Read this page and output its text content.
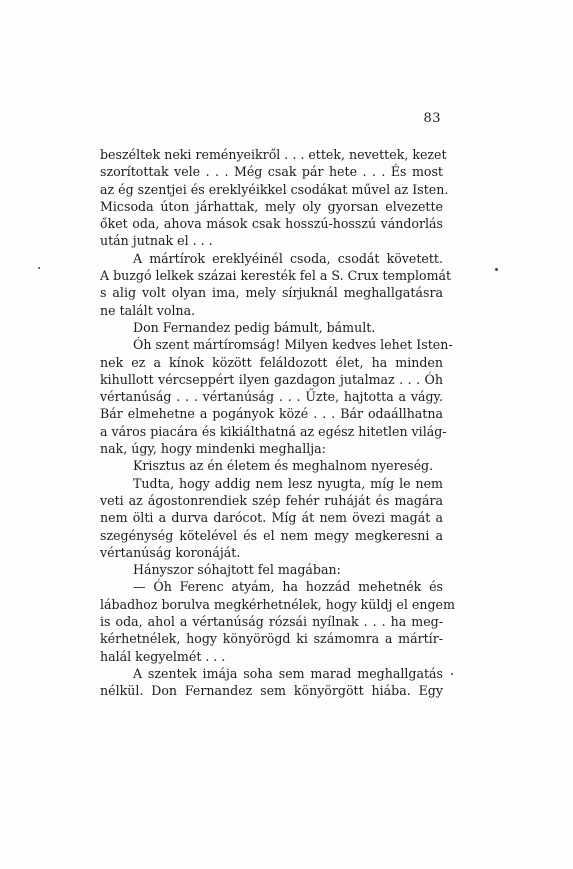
83
beszéltek neki reményeikről . . . ettek, nevettek, kezet
szorítottak vele . . . Még csak pár hete . . . És most
az ég szentjei és ereklyéikkel csodákat művel az Isten.
Micsoda úton járhattak, mely oly gyorsan elvezette
őket oda, ahova mások csak hosszú-hosszú vándorlás
után jutnak el . . .
A mártírok ereklyéinél csoda, csodát követett.
A buzgó lelkek százai keresték fel a S. Crux templomát
s alig volt olyan ima, mely sírjuknál meghallgatásra
ne talált volna.
Don Fernandez pedig bámult, bámult.
Óh szent mártíromság! Milyen kedves lehet Isten-
nek ez a kínok között feláldozott élet, ha minden
kihullott vércseppért ilyen gazdagon jutalmaz . . . Óh
vértanúság . . . vértanúság . . . Űzte, hajtotta a vágy.
Bár elmehetne a pogányok közé . . . Bár odaállhatna
a város piacára és kikiálthatná az egész hitetlen világ-
nak, úgy, hogy mindenki meghallja:
Krisztus az én életem és meghalnom nyereség.
Tudta, hogy addig nem lesz nyugta, míg le nem
veti az ágostonrendiek szép fehér ruháját és magára
nem ölti a durva darócot. Míg át nem övezi magát a
szegénység kötelével és el nem megy megkeresni a
vértanúság koronáját.
Hányszor sóhajtott fel magában:
— Óh Ferenc atyám, ha hozzád mehetnék és
lábadhoz borulva megkérhetnélek, hogy küldj el engem
is oda, ahol a vértanúság rózsái nyílnak . . . ha meg-
kérhetnélek, hogy könyörögd ki számomra a mártír-
halál kegyelmét . . .
A szentek imája soha sem marad meghallgatás
nélkül. Don Fernandez sem könyörgött hiába. Egy
